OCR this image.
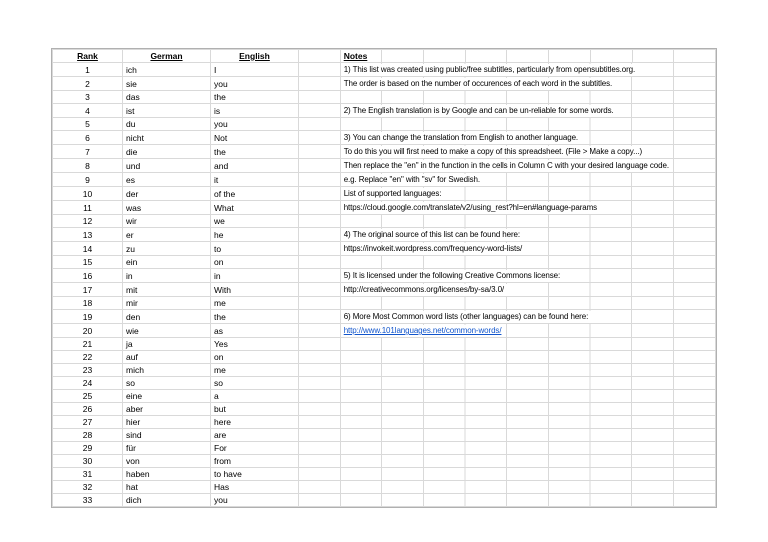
Rank	German	English		Notes								
1	ich	I		1) This list was created using public/free subtitles, particularly from opensubtitles.org.								
2	sie	you		The order is based on the number of occurences of each word in the subtitles.								
3	das	the										
4	ist	is		2) The English translation is by Google and can be un-reliable for some words.								
5	du	you										
6	nicht	Not		3) You can change the translation from English to another language.								
7	die	the		To do this you will first need to make a copy of this spreadsheet. (File > Make a copy...)								
8	und	and		Then replace the "en" in the function in the cells in Column C with your desired language code.								
9	es	it		e.g. Replace "en" with "sv" for Swedish.								
10	der	of the		List of supported languages:								
11	was	What		https://cloud.google.com/translate/v2/using_rest?hl=en#language-params								
12	wir	we										
13	er	he		4) The original source of this list can be found here:								
14	zu	to		https://invokeit.wordpress.com/frequency-word-lists/								
15	ein	on										
16	in	in		5) It is licensed under the following Creative Commons license:								
17	mit	With		http://creativecommons.org/licenses/by-sa/3.0/								
18	mir	me										
19	den	the		6) More Most Common word lists (other languages) can be found here:								
20	wie	as		http://www.101languages.net/common-words/								
21	ja	Yes										
22	auf	on										
23	mich	me										
24	so	so										
25	eine	a										
26	aber	but										
27	hier	here										
28	sind	are										
29	für	For										
30	von	from										
31	haben	to have										
32	hat	Has										
33	dich	you										
